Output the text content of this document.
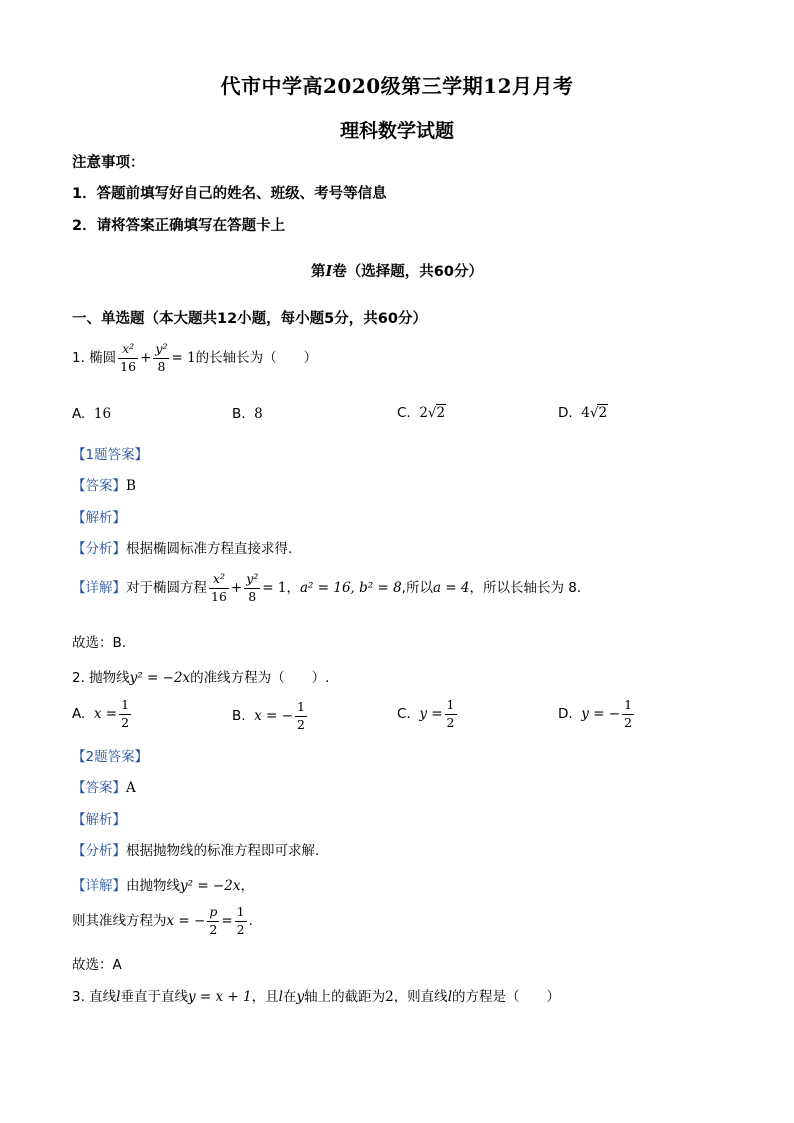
代市中学高2020级第三学期12月月考
理科数学试题
注意事项：
1．答题前填写好自己的姓名、班级、考号等信息
2．请将答案正确填写在答题卡上
第I卷（选择题，共60分）
一、单选题（本大题共12小题，每小题5分，共60分）
1. 椭圆 $\frac{\text{x²}}{16} + \frac{\text{y²}}{8} = 1$的长轴长为（　　）
A. 16	B. 8	C. 2√2	D. 4√2
【1题答案】
【答案】B
【解析】
【分析】根据椭圆标准方程直接求得.
【详解】对于椭圆方程 $\frac{\text{x²}}{16} + \frac{\text{y²}}{8} = 1$，a² = 16, b² = 8,所以a = 4，所以长轴长为 8.
故选：B.
2. 抛物线y² = −2x的准线方程为（　　）.
A. $x = \frac{1}{2}$	B. x = − $\frac{1}{2}$	C. $y = \frac{1}{2}$	D. y = − $\frac{1}{2}$
【2题答案】
【答案】A
【解析】
【分析】根据抛物线的标准方程即可求解.
【详解】由抛物线y² = −2x，
则其准线方程为x = − $\frac{p}{2} = \frac{1}{2}$ .
故选：A
3. 直线l垂直于直线y = x + 1，且l在y轴上的截距为2，则直线l的方程是（　　）
